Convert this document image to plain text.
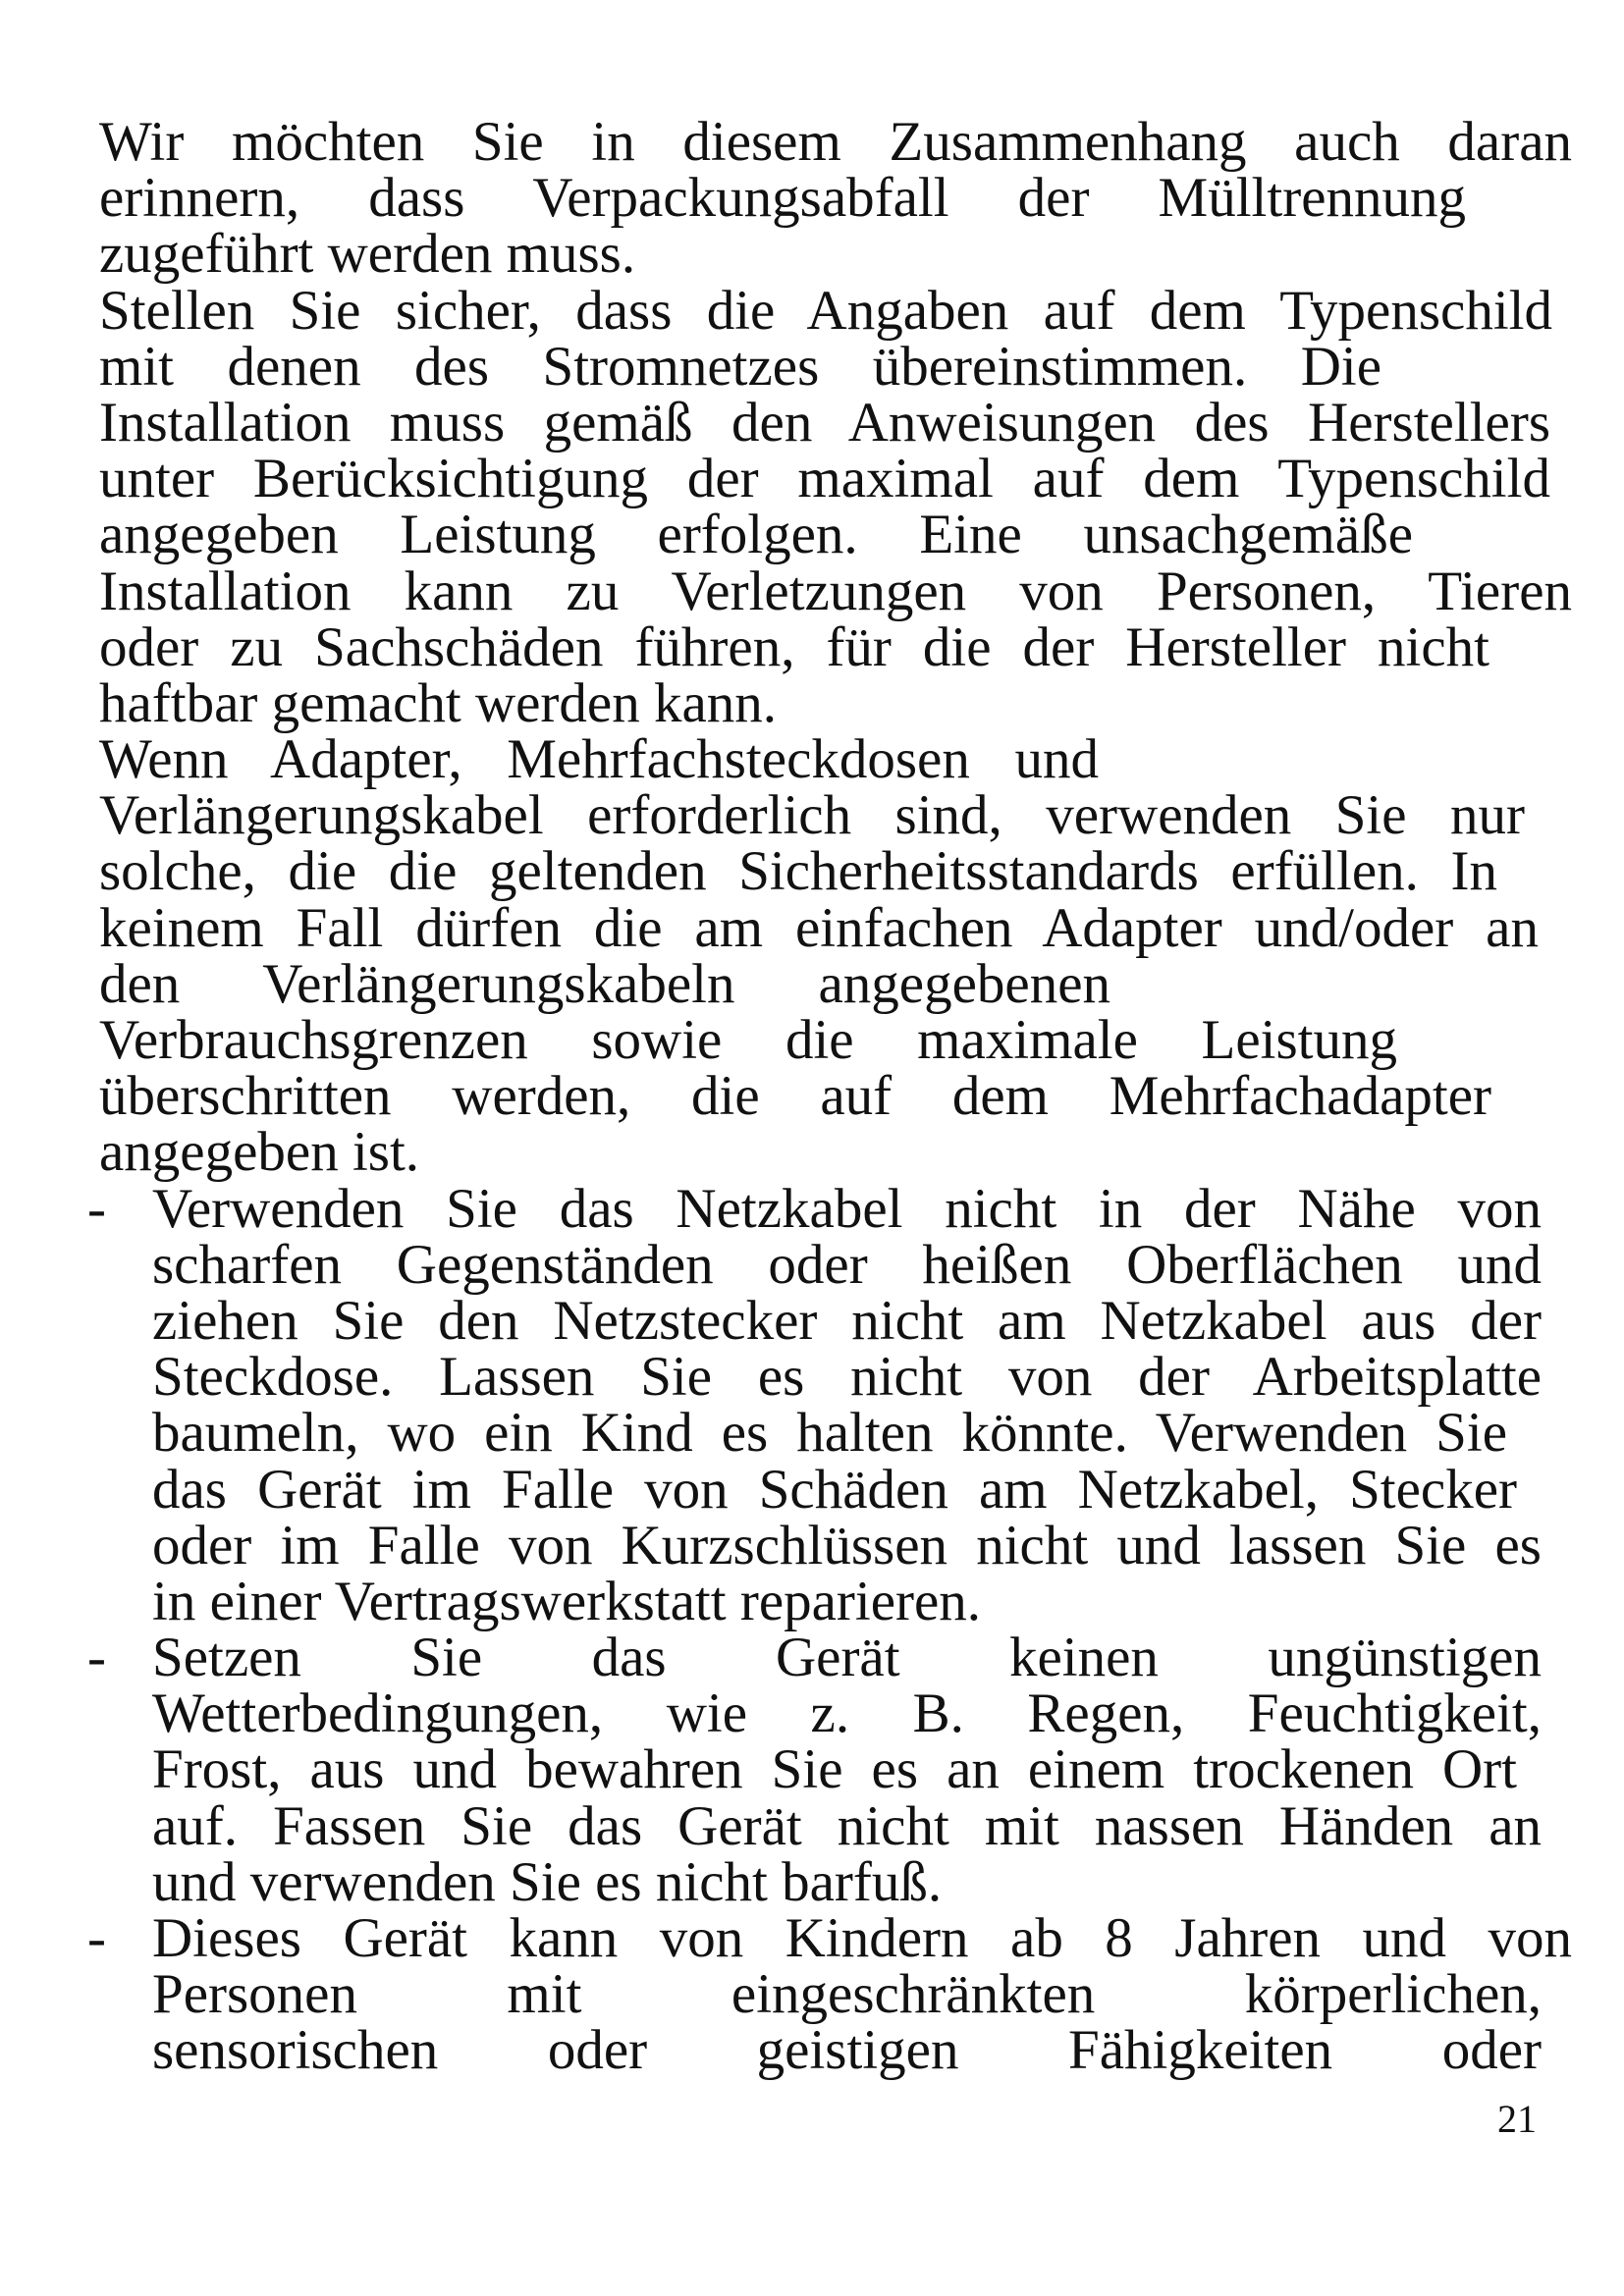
Wir möchten Sie in diesem Zusammenhang auch daran
erinnern, dass Verpackungsabfall der Mülltrennung
zugeführt werden muss.
Stellen Sie sicher, dass die Angaben auf dem Typenschild
mit denen des Stromnetzes übereinstimmen. Die
Installation muss gemäß den Anweisungen des Herstellers
unter Berücksichtigung der maximal auf dem Typenschild
angegeben Leistung erfolgen. Eine unsachgemäße
Installation kann zu Verletzungen von Personen, Tieren
oder zu Sachschäden führen, für die der Hersteller nicht
haftbar gemacht werden kann.
Wenn Adapter, Mehrfachsteckdosen und
Verlängerungskabel erforderlich sind, verwenden Sie nur
solche, die die geltenden Sicherheitsstandards erfüllen. In
keinem Fall dürfen die am einfachen Adapter und/oder an
den Verlängerungskabeln angegebenen
Verbrauchsgrenzen sowie die maximale Leistung
überschritten werden, die auf dem Mehrfachadapter
angegeben ist.
- Verwenden Sie das Netzkabel nicht in der Nähe von
scharfen Gegenständen oder heißen Oberflächen und
ziehen Sie den Netzstecker nicht am Netzkabel aus der
Steckdose. Lassen Sie es nicht von der Arbeitsplatte
baumeln, wo ein Kind es halten könnte. Verwenden Sie
das Gerät im Falle von Schäden am Netzkabel, Stecker
oder im Falle von Kurzschlüssen nicht und lassen Sie es
in einer Vertragswerkstatt reparieren.
- Setzen Sie das Gerät keinen ungünstigen
Wetterbedingungen, wie z. B. Regen, Feuchtigkeit,
Frost, aus und bewahren Sie es an einem trockenen Ort
auf. Fassen Sie das Gerät nicht mit nassen Händen an
und verwenden Sie es nicht barfuß.
- Dieses Gerät kann von Kindern ab 8 Jahren und von
Personen mit eingeschränkten körperlichen,
sensorischen oder geistigen Fähigkeiten oder
21
